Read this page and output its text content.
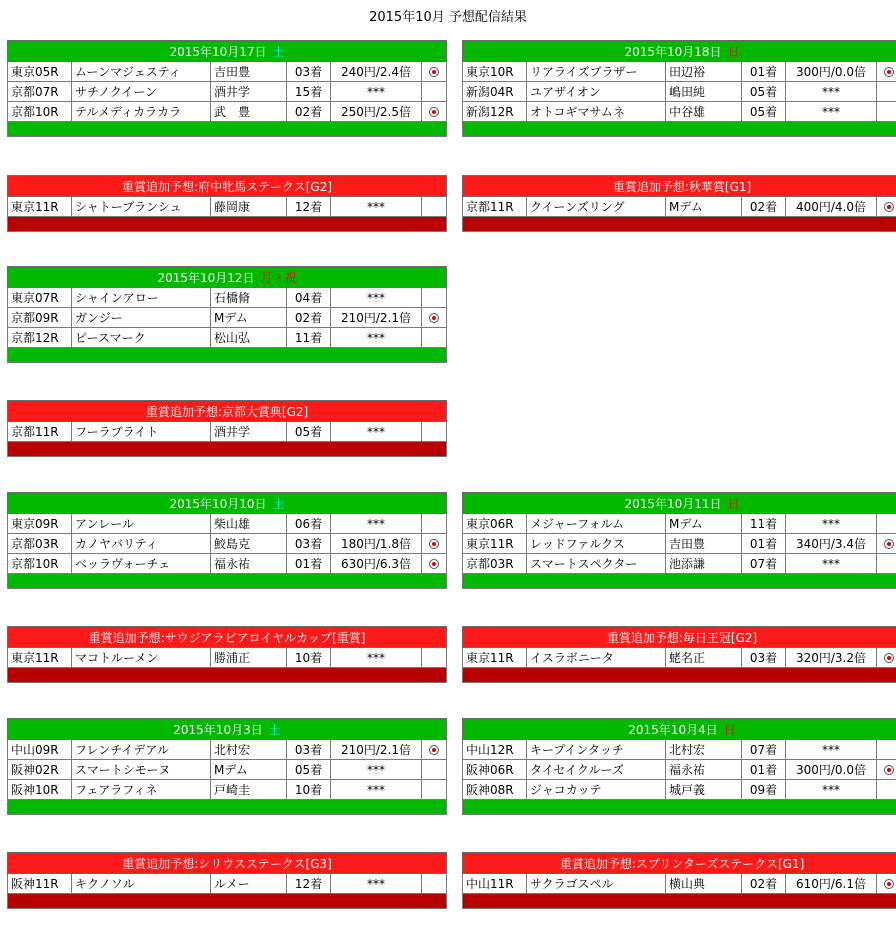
2015年10月 予想配信結果
2015年10月17日 土					
東京05R	ムーンマジェスティ	吉田豊	03着	240円/2.4倍	
京都07R	サチノクイーン	酒井学	15着	***	
京都10R	テルメディカラカラ	武　豊	02着	250円/2.5倍	

2015年10月18日 日					
東京10R	リアライズブラザー	田辺裕	01着	300円/0.0倍	
新潟04R	ユアザイオン	嶋田純	05着	***	
新潟12R	オトコギマサムネ	中谷雄	05着	***	

重賞追加予想:府中牝馬ステークス[G2]
東京11R	シャトーブランシュ	藤岡康	12着	***	

重賞追加予想:秋華賞[G1]
京都11R	クイーンズリング	Mデム	02着	400円/4.0倍	

2015年10月12日 月・祝					
東京07R	シャインアロー	石橋脩	04着	***	
京都09R	ガンジー	Mデム	02着	210円/2.1倍	
京都12R	ピースマーク	松山弘	11着	***	

重賞追加予想:京都大賞典[G2]
京都11R	フーラブライト	酒井学	05着	***	

2015年10月10日 土					
東京09R	アンレール	柴山雄	06着	***	
京都03R	カノヤバリティ	鮫島克	03着	180円/1.8倍	
京都10R	ベッラヴォーチェ	福永祐	01着	630円/6.3倍	

2015年10月11日 日					
東京06R	メジャーフォルム	Mデム	11着	***	
東京11R	レッドファルクス	吉田豊	01着	340円/3.4倍	
京都03R	スマートスペクター	池添謙	07着	***	

重賞追加予想:サウジアラビアロイヤルカップ[重賞]
東京11R	マコトルーメン	勝浦正	10着	***	

重賞追加予想:毎日王冠[G2]
東京11R	イスラボニータ	蛯名正	03着	320円/3.2倍	

2015年10月3日 土					
中山09R	フレンチイデアル	北村宏	03着	210円/2.1倍	
阪神02R	スマートシモーヌ	Mデム	05着	***	
阪神10R	フェアラフィネ	戸崎圭	10着	***	

2015年10月4日 日					
中山12R	キープインタッチ	北村宏	07着	***	
阪神06R	タイセイクルーズ	福永祐	01着	300円/0.0倍	
阪神08R	ジャコカッテ	城戸義	09着	***	

重賞追加予想:シリウスステークス[G3]
阪神11R	キクノソル	ルメー	12着	***	

重賞追加予想:スプリンターズステークス[G1]
中山11R	サクラゴスペル	横山典	02着	610円/6.1倍	
